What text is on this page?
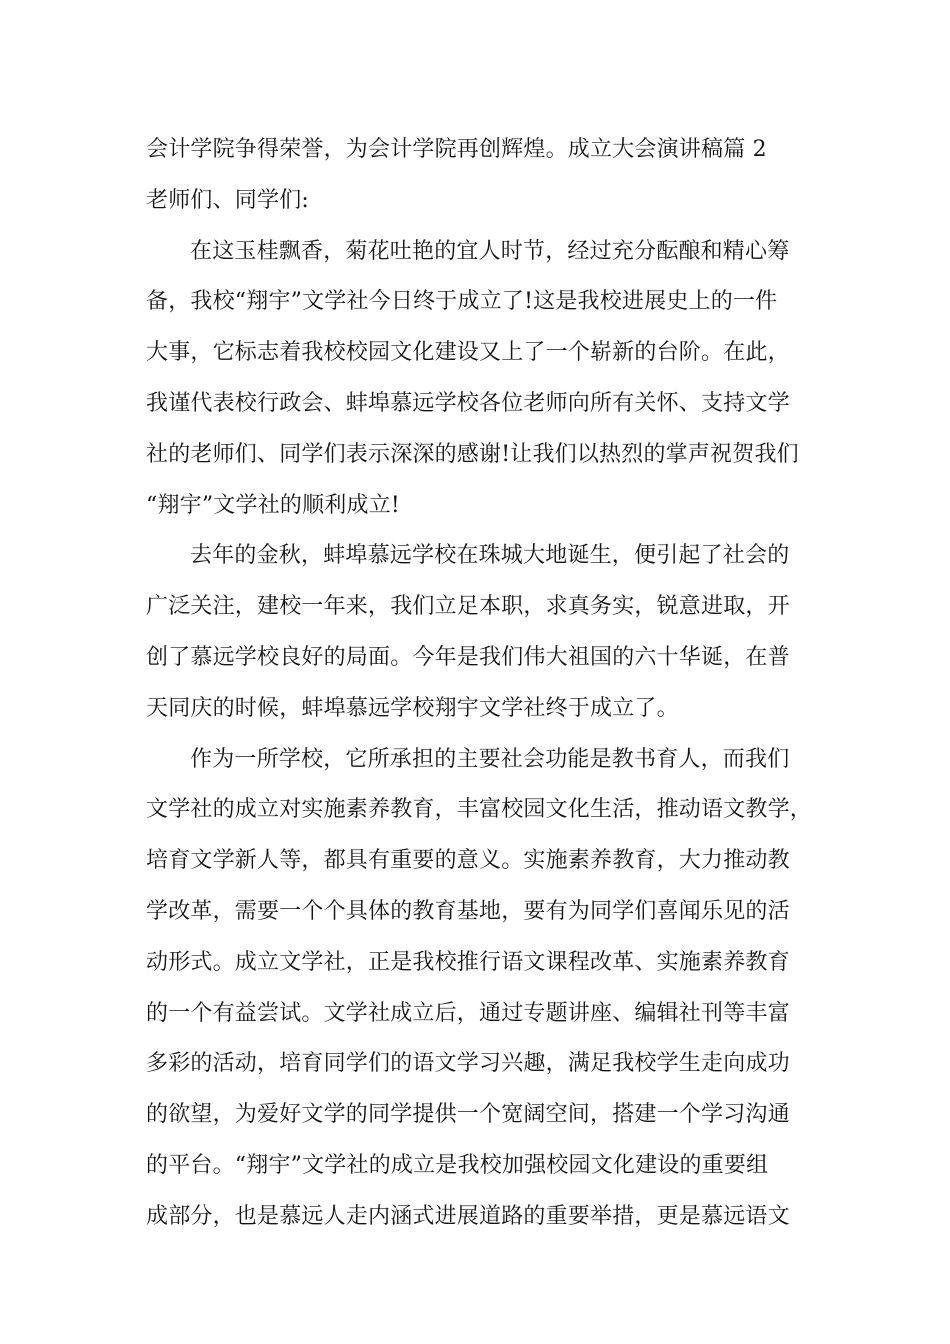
会计学院争得荣誉，为会计学院再创辉煌。成立大会演讲稿篇 2
老师们、同学们:
在这玉桂飘香，菊花吐艳的宜人时节，经过充分酝酿和精心筹
备，我校“翔宇”文学社今日终于成立了!这是我校进展史上的一件
大事，它标志着我校校园文化建设又上了一个崭新的台阶。在此，
我谨代表校行政会、蚌埠慕远学校各位老师向所有关怀、支持文学
社的老师们、同学们表示深深的感谢!让我们以热烈的掌声祝贺我们
“翔宇”文学社的顺利成立!
去年的金秋，蚌埠慕远学校在珠城大地诞生，便引起了社会的
广泛关注，建校一年来，我们立足本职，求真务实，锐意进取，开
创了慕远学校良好的局面。今年是我们伟大祖国的六十华诞，在普
天同庆的时候，蚌埠慕远学校翔宇文学社终于成立了。
作为一所学校，它所承担的主要社会功能是教书育人，而我们
文学社的成立对实施素养教育，丰富校园文化生活，推动语文教学，
培育文学新人等，都具有重要的意义。实施素养教育，大力推动教
学改革，需要一个个具体的教育基地，要有为同学们喜闻乐见的活
动形式。成立文学社，正是我校推行语文课程改革、实施素养教育
的一个有益尝试。文学社成立后，通过专题讲座、编辑社刊等丰富
多彩的活动，培育同学们的语文学习兴趣，满足我校学生走向成功
的欲望，为爱好文学的同学提供一个宽阔空间，搭建一个学习沟通
的平台。“翔宇”文学社的成立是我校加强校园文化建设的重要组
成部分，也是慕远人走内涵式进展道路的重要举措，更是慕远语文
